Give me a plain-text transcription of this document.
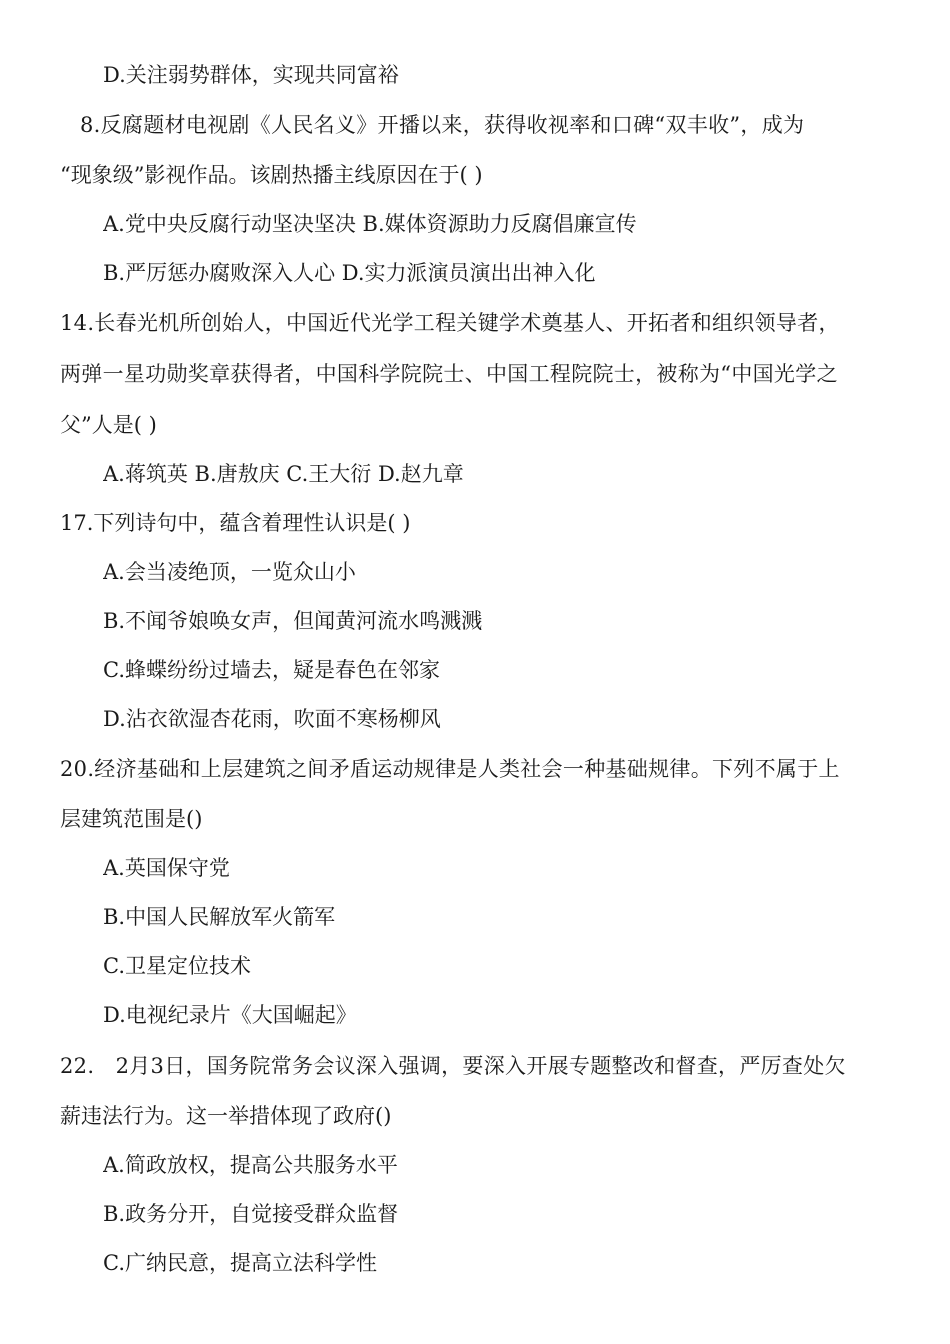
D.关注弱势群体，实现共同富裕
8.反腐题材电视剧《人民名义》开播以来，获得收视率和口碑“双丰收”，成为
“现象级”影视作品。该剧热播主线原因在于( )
A.党中央反腐行动坚决坚决 B.媒体资源助力反腐倡廉宣传
B.严厉惩办腐败深入人心 D.实力派演员演出出神入化
14.长春光机所创始人，中国近代光学工程关键学术奠基人、开拓者和组织领导者，
两弹一星功勋奖章获得者，中国科学院院士、中国工程院院士，被称为“中国光学之
父”人是( )
A.蒋筑英 B.唐敖庆 C.王大衍 D.赵九章
17.下列诗句中，蕴含着理性认识是( )
A.会当凌绝顶，一览众山小
B.不闻爷娘唤女声，但闻黄河流水鸣溅溅
C.蜂蝶纷纷过墙去，疑是春色在邻家
D.沾衣欲湿杏花雨，吹面不寒杨柳风
20.经济基础和上层建筑之间矛盾运动规律是人类社会一种基础规律。下列不属于上
层建筑范围是()
A.英国保守党
B.中国人民解放军火箭军
C.卫星定位技术
D.电视纪录片《大国崛起》
22.　2月3日，国务院常务会议深入强调，要深入开展专题整改和督查，严厉查处欠
薪违法行为。这一举措体现了政府()
A.简政放权，提高公共服务水平
B.政务分开，自觉接受群众监督
C.广纳民意，提高立法科学性
